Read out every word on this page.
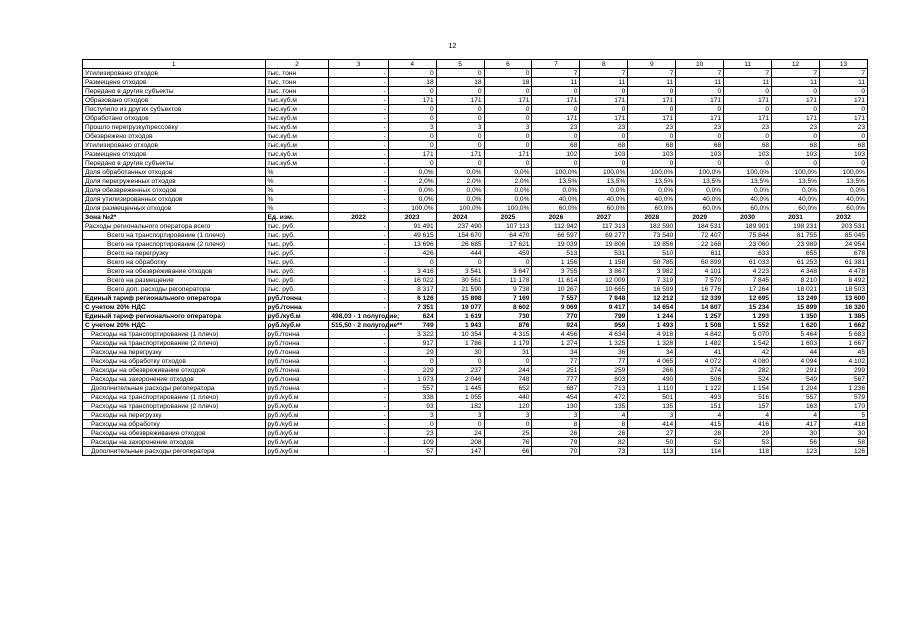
12
1	2	3	4	5	6	7	8	9	10	11	12	13
Утилизировано отходов	тыс. тонн	-	0	0	0	7	7	7	7	7	7	7
Размещено отходов	тыс. тонн	-	18	18	18	11	11	11	11	11	11	11
Передано в другие субъекты	тыс. тонн	-	0	0	0	0	0	0	0	0	0	0
Образовано отходов	тыс.куб.м	-	171	171	171	171	171	171	171	171	171	171
Поступило из других субъектов	тыс.куб.м	-	0	0	0	0	0	0	0	0	0	0
Обработано отходов	тыс.куб.м	-	0	0	0	171	171	171	171	171	171	171
Прошло перегрузку/прессовку	тыс.куб.м	-	3	3	3	23	23	23	23	23	23	23
Обезврежено отходов	тыс.куб.м	-	0	0	0	0	0	0	0	0	0	0
Утилизировано отходов	тыс.куб.м	-	0	0	0	68	68	68	68	68	68	68
Размещено отходов	тыс.куб.м	-	171	171	171	102	103	103	103	103	103	103
Передано в другие субъекты	тыс.куб.м	-	0	0	0	0	0	0	0	0	0	0
Доля обработанных отходов	%	-	0,0%	0,0%	0,0%	100,0%	100,0%	100,0%	100,0%	100,0%	100,0%	100,0%
Доля перегруженных отходов	%	-	2,0%	2,0%	2,0%	13,5%	13,5%	13,5%	13,5%	13,5%	13,5%	13,5%
Доля обезвреженных отходов	%	-	0,0%	0,0%	0,0%	0,0%	0,0%	0,0%	0,0%	0,0%	0,0%	0,0%
Доля утилизированных отходов	%	-	0,0%	0,0%	0,0%	40,0%	40,0%	40,0%	40,0%	40,0%	40,0%	40,0%
Доля размещенных отходов	%	-	100,0%	100,0%	100,0%	60,0%	60,0%	60,0%	60,0%	60,0%	60,0%	60,0%
Зона №2*	Ед. изм.	2022	2023	2024	2025	2026	2027	2028	2029	2030	2031	2032
Расходы регионального оператора всего	тыс. руб.	-	91 491	237 490	107 113	112 942	117 313	182 590	184 531	189 901	198 231	203 531
Всего на транспортирование (1 плечо)	тыс. руб.	-	49 615	154 670	64 470	66 597	69 277	73 540	72 407	75 844	81 755	85 045
Всего на транспортирование (2 плечо)	тыс. руб.	-	13 696	26 685	17 621	19 039	19 806	19 856	22 168	23 060	23 989	24 954
Всего на перегрузку	тыс. руб.	-	426	444	459	513	531	510	611	633	655	678
Всего на обработку	тыс. руб.	-	0	0	0	1 156	1 158	50 785	60 899	61 033	61 253	61 381
Всего на обезвреживание отходов	тыс. руб.	-	3 416	3 541	3 647	3 755	3 867	3 982	4 101	4 223	4 348	4 478
Всего на размещение	тыс. руб.	-	16 022	30 561	11 178	11 614	12 009	7 319	7 570	7 845	8 210	8 492
Всего доп. расходы регоператора	тыс. руб.	-	8 317	21 590	9 738	10 267	10 665	16 599	16 776	17 264	18 021	18 503
Единый тариф регионального оператора	руб./тонна	-	6 126	15 898	7 169	7 557	7 848	12 212	12 339	12 695	13 249	13 600
С учетом 20% НДС	руб./тонна	-	7 351	19 077	8 602	9 069	9 417	14 654	14 807	15 234	15 899	16 320
Единый тариф регионального оператора	руб./куб.м	498,03 - 1 полугодие;	624	1 619	730	770	799	1 244	1 257	1 293	1 350	1 385
С учетом 20% НДС	руб./куб.м	515,50 - 2 полугодие**	749	1 943	876	924	959	1 493	1 508	1 552	1 620	1 662
Расходы на транспортирование (1 плечо)	руб./тонна	-	3 322	10 354	4 315	4 456	4 634	4 918	4 842	5 070	5 464	5 683
Расходы на транспортирование (2 плечо)	руб./тонна	-	917	1 786	1 179	1 274	1 325	1 328	1 482	1 542	1 603	1 667
Расходы на перегрузку	руб./тонна	-	29	30	31	34	36	34	41	42	44	45
Расходы на обработку отходов	руб./тонна	-	0	0	0	77	77	4 065	4 072	4 080	4 094	4 102
Расходы на обезвреживание отходов	руб./тонна	-	229	237	244	251	259	266	274	282	291	299
Расходы на захоронение отходов	руб./тонна	-	1 073	2 046	748	777	803	490	506	524	549	567
Дополнительные расходы регоператора	руб./тонна	-	557	1 445	652	687	713	1 110	1 122	1 154	1 204	1 236
Расходы на транспортирование (1 плечо)	руб./куб.м	-	338	1 055	440	454	472	501	493	516	557	579
Расходы на транспортирование (2 плечо)	руб./куб.м	-	93	182	120	130	135	135	151	157	163	170
Расходы на перегрузку	руб./куб.м	-	3	3	3	3	4	3	4	4	4	5
Расходы на обработку	руб./куб.м	-	0	0	0	8	8	414	415	416	417	418
Расходы на обезвреживание отходов	руб./куб.м	-	23	24	25	26	26	27	28	29	30	30
Расходы на захоронение отходов	руб./куб.м	-	109	208	76	79	82	50	52	53	56	58
Дополнительные расходы регоператора	руб./куб.м	-	57	147	66	70	73	113	114	118	123	126
